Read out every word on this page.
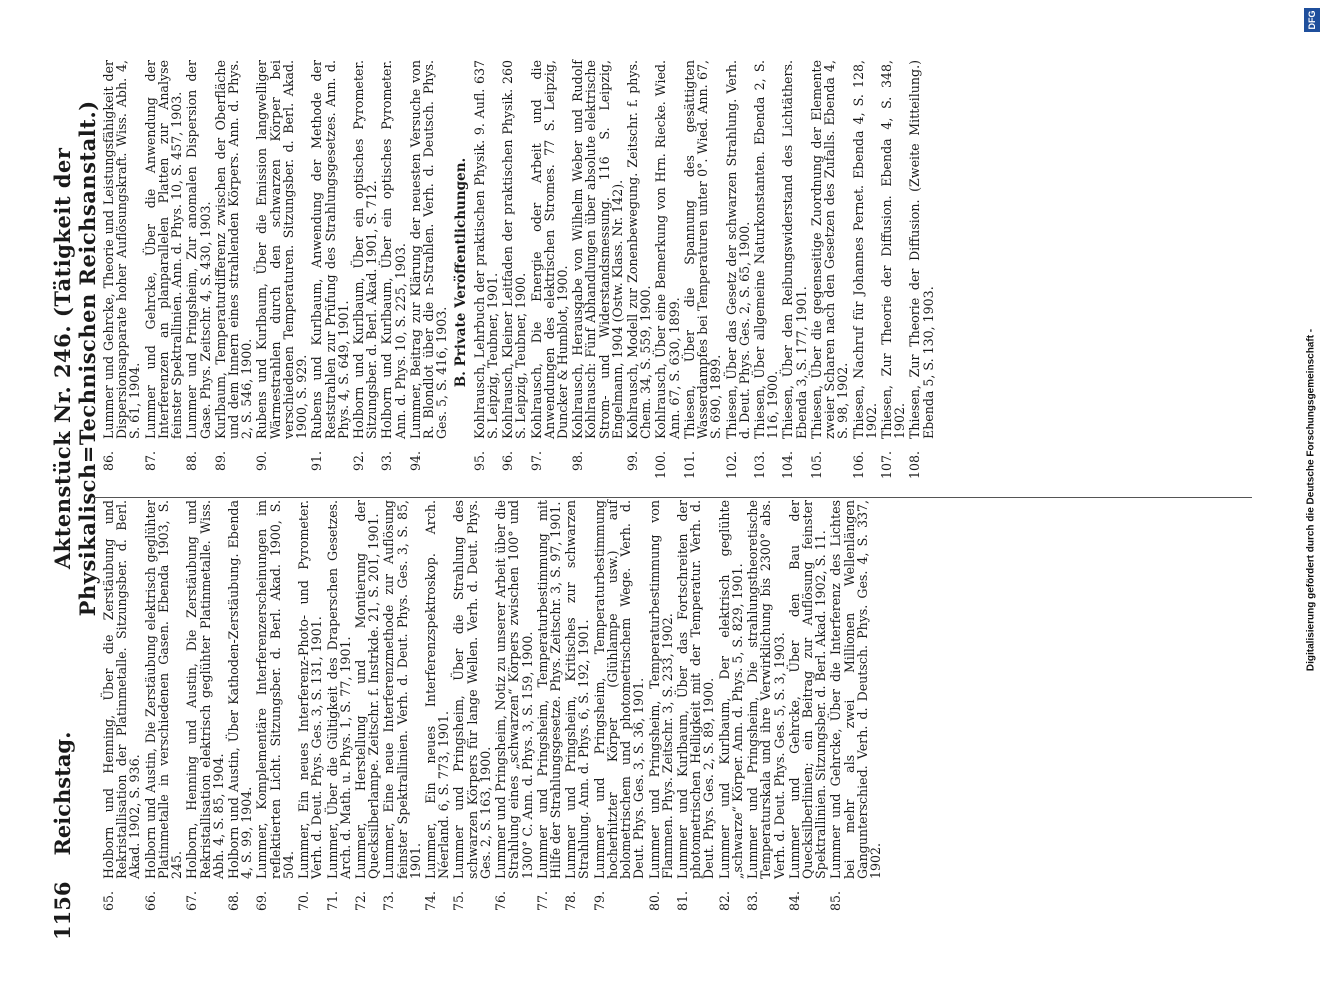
1156
Reichstag.
Aktenstück Nr. 246. (Tätigkeit der Physikalisch=Technischen Reichsanstalt.)
65.
Holborn und Henning, Über die Zerstäubung und Rekristallisation der Platinmetalle. Sitzungsber. d. Berl. Akad. 1902, S. 936.
66.
Holborn und Austin, Die Zerstäubung elektrisch geglühter Platinmetalle in verschiedenen Gasen. Ebenda 1903, S. 245.
67.
Holborn, Henning und Austin, Die Zerstäubung und Rekristallisation elektrisch geglühter Platinmetalle. Wiss. Abh. 4, S. 85, 1904.
68.
Holborn und Austin, Über Kathoden-Zerstäubung. Ebenda 4, S. 99, 1904.
69.
Lummer, Komplementäre Interferenzerscheinungen im reflektierten Licht. Sitzungsber. d. Berl. Akad. 1900, S. 504.
70.
Lummer, Ein neues Interferenz-Photo- und Pyrometer. Verh. d. Deut. Phys. Ges. 3, S. 131, 1901.
71.
Lummer, Über die Gültigkeit des Draperschen Gesetzes. Arch. d. Math. u. Phys. 1, S. 77, 1901.
72.
Lummer, Herstellung und Montierung der Quecksilberlampe. Zeitschr. f. Instrkde. 21, S. 201, 1901.
73.
Lummer, Eine neue Interferenzmethode zur Auflösung feinster Spektrallinien. Verh. d. Deut. Phys. Ges. 3, S. 85, 1901.
74.
Lummer, Ein neues Interferenzspektroskop. Arch. Néerland. 6, S. 773, 1901.
75.
Lummer und Pringsheim, Über die Strahlung des schwarzen Körpers für lange Wellen. Verh. d. Deut. Phys. Ges. 2, S. 163, 1900.
76.
Lummer und Pringsheim, Notiz zu unserer Arbeit über die Strahlung eines „schwarzen“ Körpers zwischen 100° und 1300° C. Ann. d. Phys. 3, S. 159, 1900.
77.
Lummer und Pringsheim, Temperaturbestimmung mit Hilfe der Strahlungsgesetze. Phys. Zeitschr. 3, S. 97, 1901.
78.
Lummer und Pringsheim, Kritisches zur schwarzen Strahlung. Ann. d. Phys. 6, S. 192, 1901.
79.
Lummer und Pringsheim, Temperaturbestimmung hocherhitzter Körper (Glühlampe usw.) auf bolometrischem und photometrischem Wege. Verh. d. Deut. Phys. Ges. 3, S. 36, 1901.
80.
Lummer und Pringsheim, Temperaturbestimmung von Flammen. Phys. Zeitschr. 3, S. 233, 1902.
81.
Lummer und Kurlbaum, Über das Fortschreiten der photometrischen Helligkeit mit der Temperatur. Verh. d. Deut. Phys. Ges. 2, S. 89, 1900.
82.
Lummer und Kurlbaum, Der elektrisch geglühte „schwarze“ Körper. Ann. d. Phys. 5, S. 829, 1901.
83.
Lummer und Pringsheim, Die strahlungstheoretische Temperaturskala und ihre Verwirklichung bis 2300° abs. Verh. d. Deut. Phys. Ges. 5, S. 3, 1903.
84.
Lummer und Gehrcke, Über den Bau der Quecksilberlinien; ein Beitrag zur Auflösung feinster Spektrallinien. Sitzungsber. d. Berl. Akad. 1902, S. 11.
85.
Lummer und Gehrcke, Über die Interferenz des Lichtes bei mehr als zwei Millionen Wellenlängen Gangunterschied. Verh. d. Deutsch. Phys. Ges. 4, S. 337, 1902.
86.
Lummer und Gehrcke, Theorie und Leistungsfähigkeit der Dispersionsapparate hoher Auflösungskraft. Wiss. Abh. 4, S. 61, 1904.
87.
Lummer und Gehrcke, Über die Anwendung der Interferenzen an planparallelen Platten zur Analyse feinster Spektrallinien. Ann. d. Phys. 10, S. 457, 1903.
88.
Lummer und Pringsheim, Zur anomalen Dispersion der Gase. Phys. Zeitschr. 4, S. 430, 1903.
89.
Kurlbaum, Temperaturdifferenz zwischen der Oberfläche und dem Innern eines strahlenden Körpers. Ann. d. Phys. 2, S. 546, 1900.
90.
Rubens und Kurlbaum, Über die Emission langwelliger Wärmestrahlen durch den schwarzen Körper bei verschiedenen Temperaturen. Sitzungsber. d. Berl. Akad. 1900, S. 929.
91.
Rubens und Kurlbaum, Anwendung der Methode der Reststrahlen zur Prüfung des Strahlungsgesetzes. Ann. d. Phys. 4, S. 649, 1901.
92.
Holborn und Kurlbaum, Über ein optisches Pyrometer. Sitzungsber. d. Berl. Akad. 1901, S. 712.
93.
Holborn und Kurlbaum, Über ein optisches Pyrometer. Ann. d. Phys. 10, S. 225, 1903.
94.
Lummer, Beitrag zur Klärung der neuesten Versuche von R. Blondlot über die n-Strahlen. Verh. d. Deutsch. Phys. Ges. 5, S. 416, 1903. B. Private Veröffentlichungen.
95.
Kohlrausch, Lehrbuch der praktischen Physik. 9. Aufl. 637 S. Leipzig, Teubner, 1901.
96.
Kohlrausch, Kleiner Leitfaden der praktischen Physik. 260 S. Leipzig, Teubner, 1900.
97.
Kohlrausch, Die Energie oder Arbeit und die Anwendungen des elektrischen Stromes. 77 S. Leipzig, Duncker & Humblot, 1900.
98.
Kohlrausch, Herausgabe von Wilhelm Weber und Rudolf Kohlrausch: Fünf Abhandlungen über absolute elektrische Strom- und Widerstandsmessung. 116 S. Leipzig, Engelmann, 1904 (Ostw. Klass. Nr. 142).
99.
Kohlrausch, Modell zur Zonenbewegung. Zeitschr. f. phys. Chem. 34, S. 559, 1900.
100.
Kohlrausch, Über eine Bemerkung von Hrn. Riecke. Wied. Ann. 67, S. 630, 1899.
101.
Thiesen, Über die Spannung des gesättigten Wasserdampfes bei Temperaturen unter 0°. Wied. Ann. 67, S. 690, 1899.
102.
Thiesen, Über das Gesetz der schwarzen Strahlung. Verh. d. Deut. Phys. Ges. 2, S. 65, 1900.
103.
Thiesen, Über allgemeine Naturkonstanten. Ebenda 2, S. 116, 1900.
104.
Thiesen, Über den Reibungswiderstand des Lichtäthers. Ebenda 3, S. 177, 1901.
105.
Thiesen, Über die gegenseitige Zuordnung der Elemente zweier Scharen nach den Gesetzen des Zufalls. Ebenda 4, S. 98, 1902.
106.
Thiesen, Nachruf für Johannes Pernet. Ebenda 4, S. 128, 1902.
107.
Thiesen, Zur Theorie der Diffusion. Ebenda 4, S. 348, 1902.
108.
Thiesen, Zur Theorie der Diffusion. (Zweite Mitteilung.) Ebenda 5, S. 130, 1903.	Digitalisierung gefördert durch die Deutsche Forschungsgemeinschaft -
DFG
